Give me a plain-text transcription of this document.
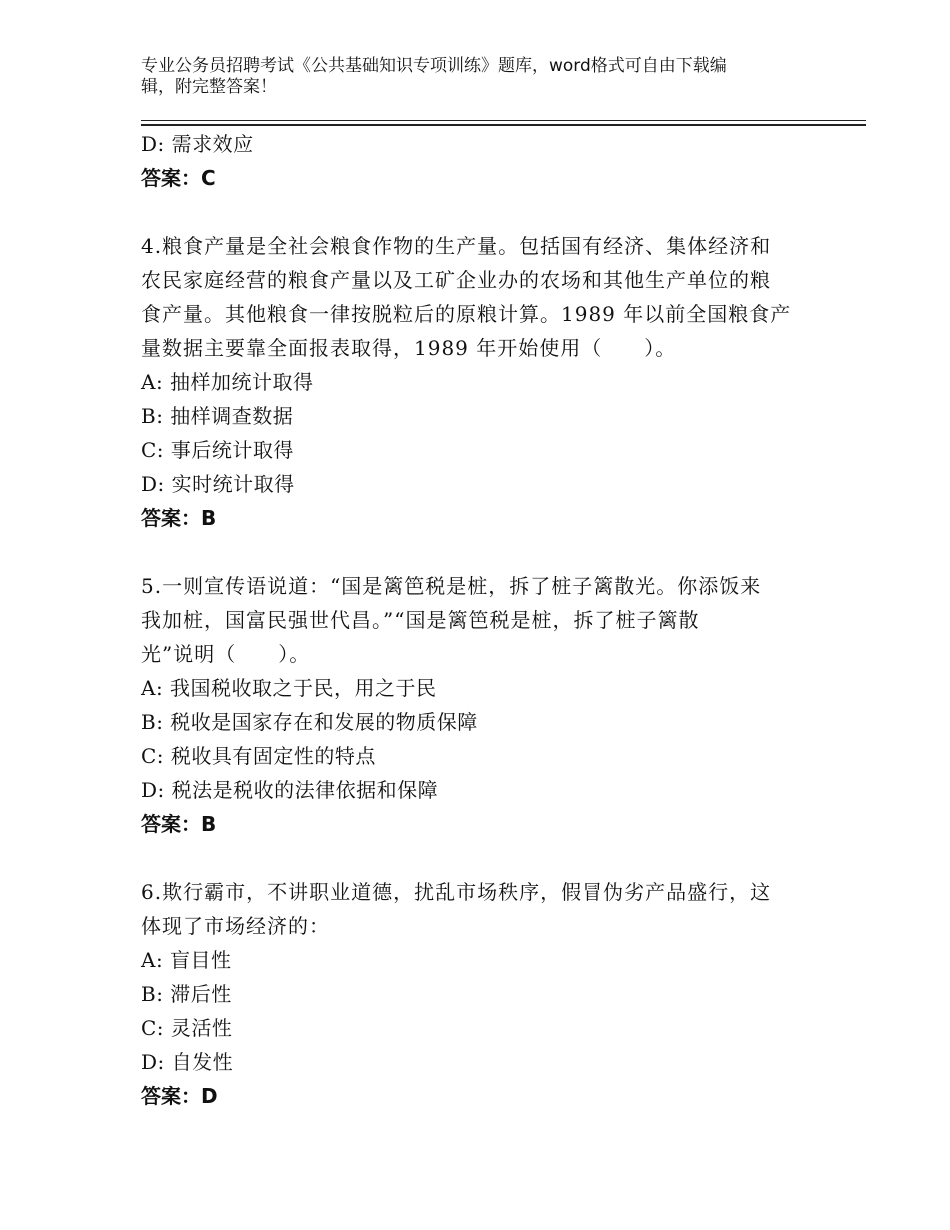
专业公务员招聘考试《公共基础知识专项训练》题库，word格式可自由下载编
辑，附完整答案！
D: 需求效应
答案：C
4.粮食产量是全社会粮食作物的生产量。包括国有经济、集体经济和
农民家庭经营的粮食产量以及工矿企业办的农场和其他生产单位的粮
食产量。其他粮食一律按脱粒后的原粮计算。1989 年以前全国粮食产
量数据主要靠全面报表取得，1989 年开始使用（　　）。
A: 抽样加统计取得
B: 抽样调查数据
C: 事后统计取得
D: 实时统计取得
答案：B
5.一则宣传语说道：“国是篱笆税是桩，拆了桩子篱散光。你添饭来
我加桩，国富民强世代昌。”“国是篱笆税是桩，拆了桩子篱散
光”说明（　　）。
A: 我国税收取之于民，用之于民
B: 税收是国家存在和发展的物质保障
C: 税收具有固定性的特点
D: 税法是税收的法律依据和保障
答案：B
6.欺行霸市，不讲职业道德，扰乱市场秩序，假冒伪劣产品盛行，这
体现了市场经济的：
A: 盲目性
B: 滞后性
C: 灵活性
D: 自发性
答案：D
